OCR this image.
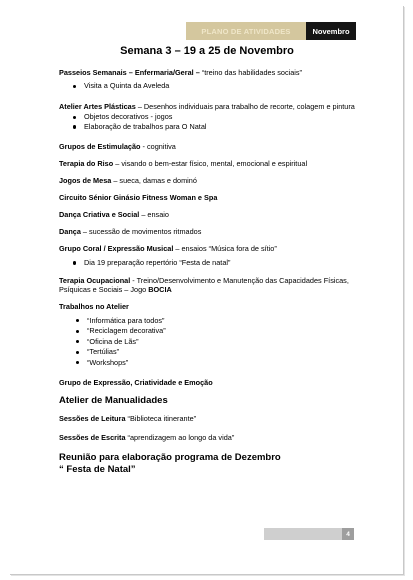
PLANO DE ATIVIDADES	Novembro
Semana 3 – 19 a 25 de Novembro
Passeios Semanais – Enfermaria/Geral – “treino das habilidades sociais”
Visita a Quinta da Aveleda
Atelier Artes Plásticas – Desenhos individuais para trabalho de recorte, colagem e pintura
Objetos decorativos - jogos
Elaboração de trabalhos para O Natal
Grupos de Estimulação - cognitiva
Terapia do Riso – visando o bem-estar físico, mental, emocional e espiritual
Jogos de Mesa – sueca, damas e dominó
Circuito Sénior Ginásio Fitness Woman e Spa
Dança Criativa e Social – ensaio
Dança – sucessão de movimentos ritmados
Grupo Coral / Expressão Musical – ensaios “Música fora de sítio”
Dia 19 preparação repertório “Festa de natal”
Terapia Ocupacional - Treino/Desenvolvimento e Manutenção das Capacidades Físicas, Psíquicas e Sociais – Jogo BOCIA
Trabalhos no Atelier
“Informática para todos”
“Reciclagem decorativa”
“Oficina de Lãs”
“Tertúlias”
“Workshops”
Grupo de Expressão, Criatividade e Emoção
Atelier de Manualidades
Sessões de Leitura “Biblioteca itinerante”
Sessões de Escrita “aprendizagem ao longo da vida”
Reunião para elaboração programa de Dezembro
“ Festa de Natal”
4
